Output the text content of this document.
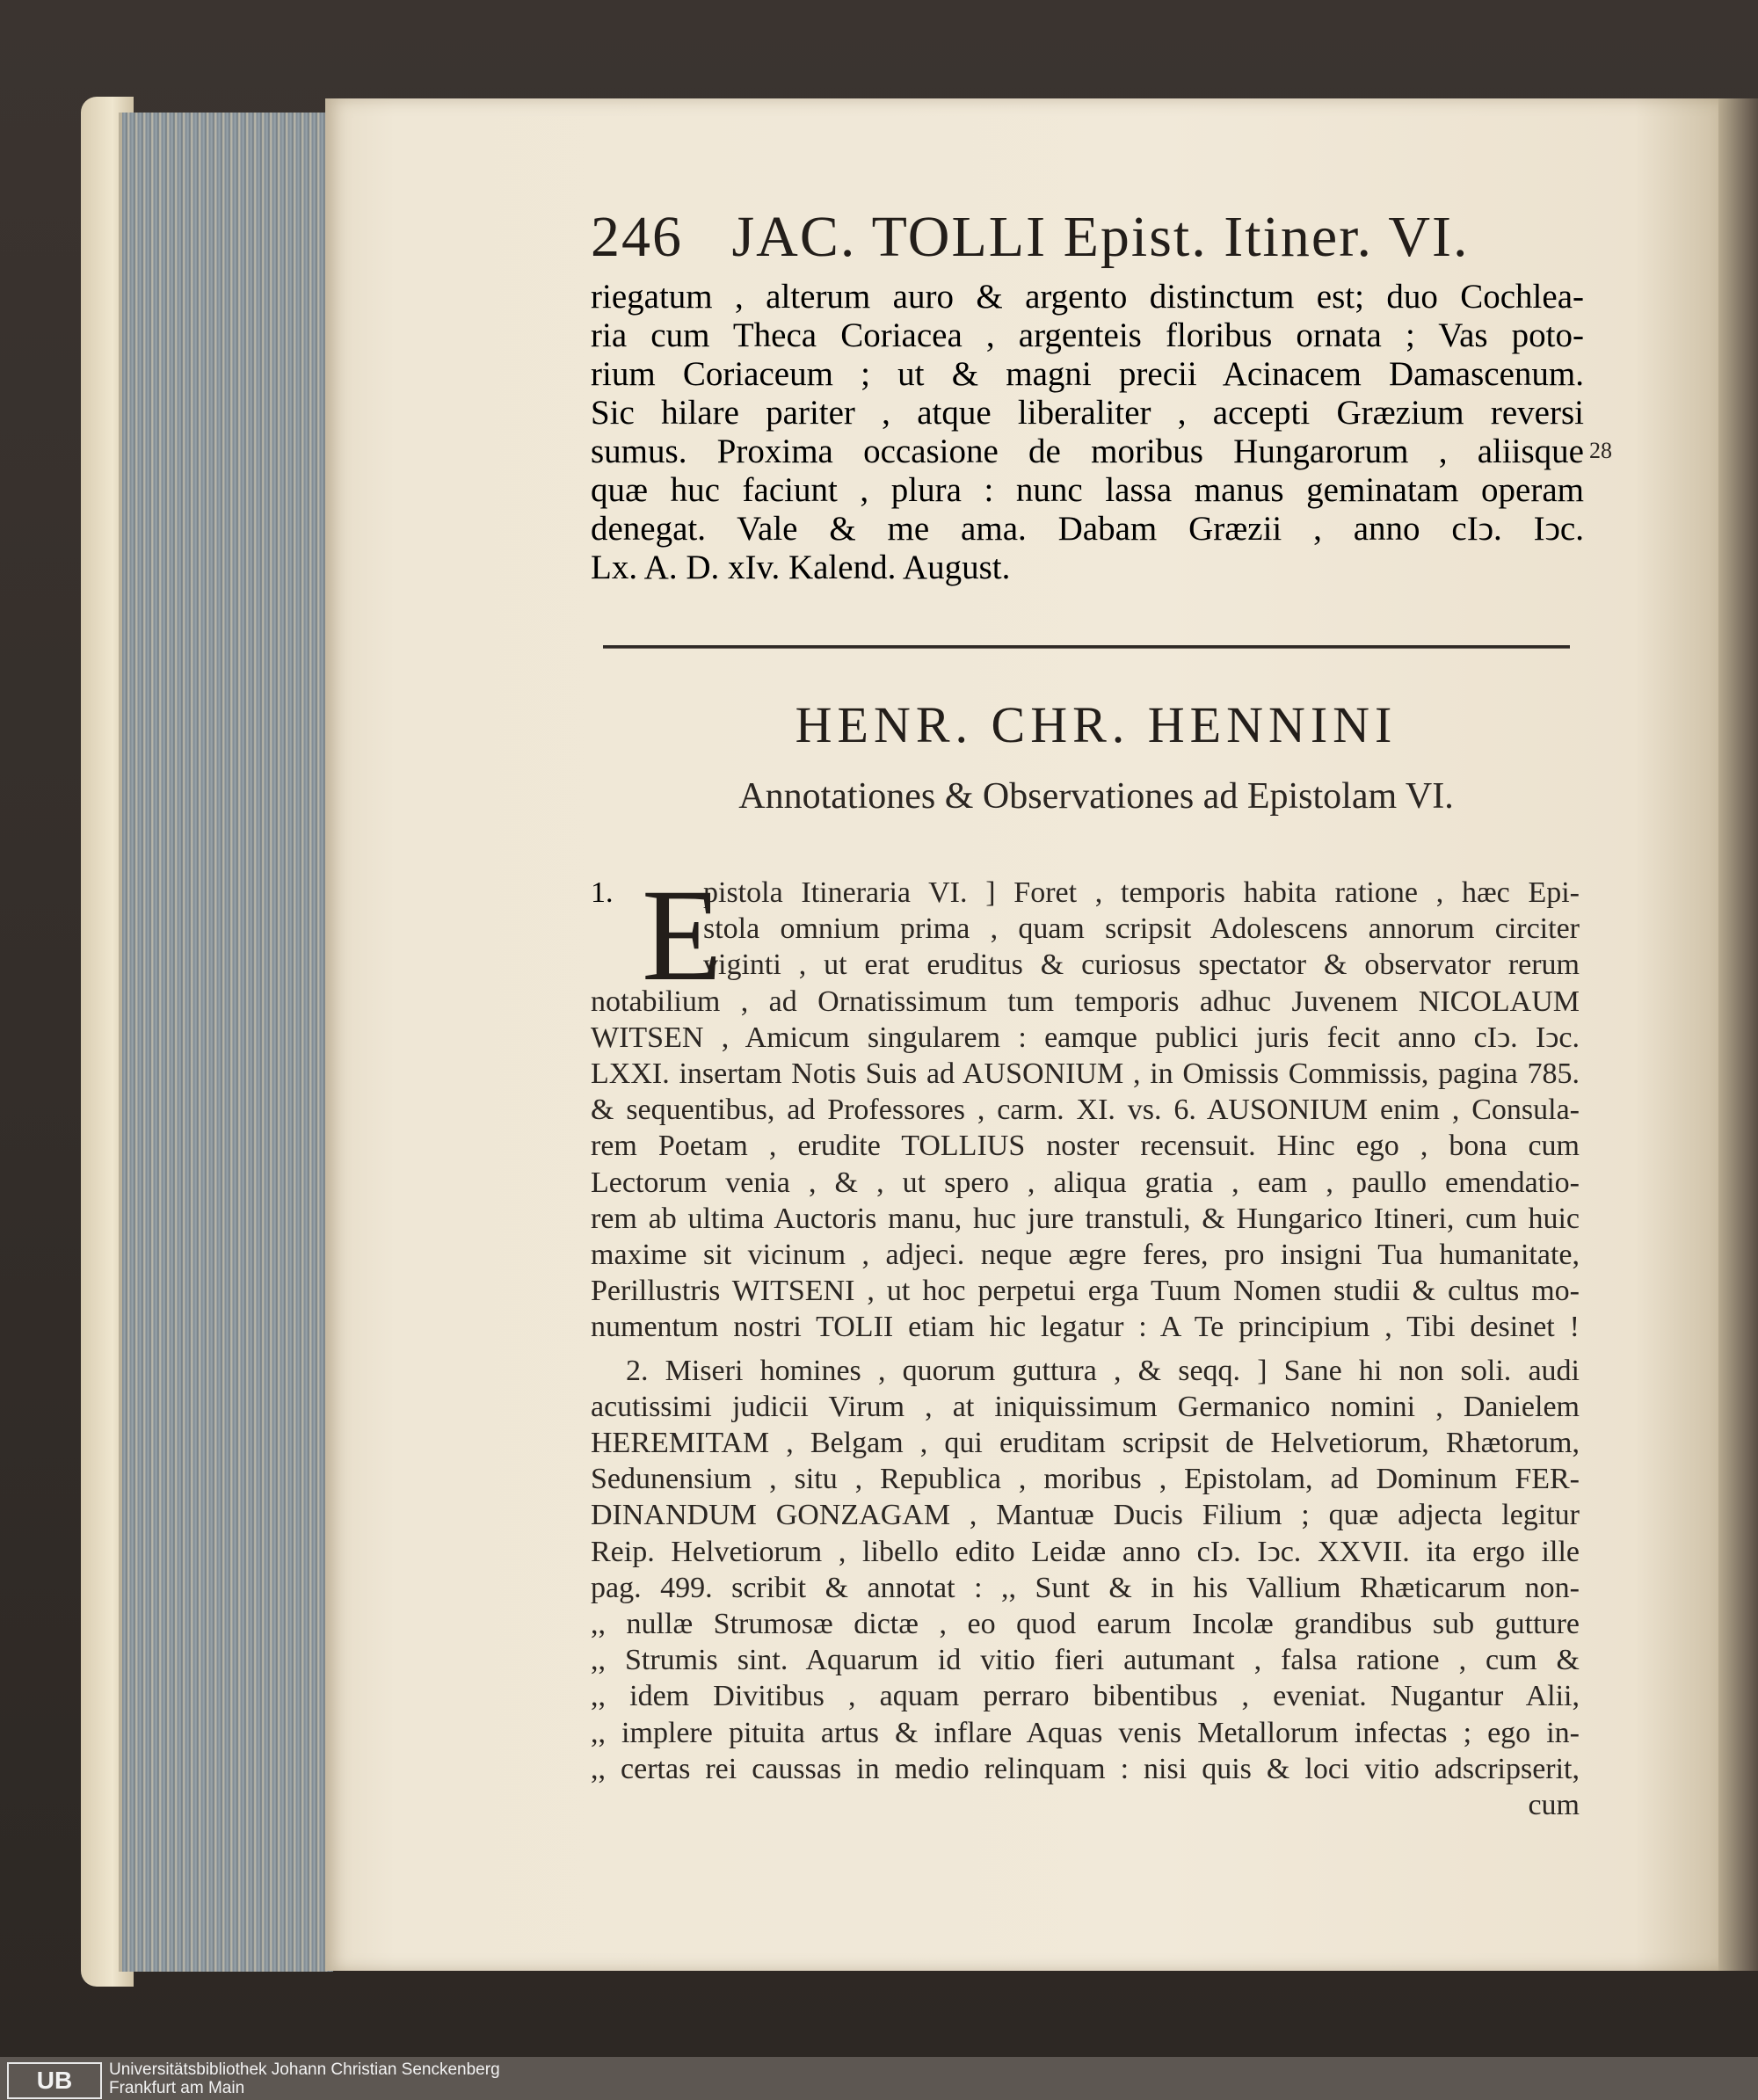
246 JAC. TOLLI Epist. Itiner. VI.
28
riegatum , alterum auro & argento distinctum est; duo Cochlea-
ria cum Theca Coriacea , argenteis floribus ornata ; Vas poto-
rium Coriaceum ; ut & magni precii Acinacem Damascenum.
Sic hilare pariter , atque liberaliter , accepti Græzium reversi
sumus. Proxima occasione de moribus Hungarorum , aliisque
quæ huc faciunt , plura : nunc lassa manus geminatam operam
denegat. Vale & me ama. Dabam Græzii , anno cIↄ. Iↄc.
Lx. A. D. xIv. Kalend. August.
HENR. CHR. HENNINI
Annotationes & Observationes ad Epistolam VI.
1. E
pistola Itineraria VI. ] Foret , temporis habita ratione , hæc Epi-
stola omnium prima , quam scripsit Adolescens annorum circiter
viginti , ut erat eruditus & curiosus spectator & observator rerum
notabilium , ad Ornatissimum tum temporis adhuc Juvenem NICOLAUM
WITSEN , Amicum singularem : eamque publici juris fecit anno cIↄ. Iↄc.
LXXI. insertam Notis Suis ad AUSONIUM , in Omissis Commissis, pagina 785.
& sequentibus, ad Professores , carm. XI. vs. 6. AUSONIUM enim , Consula-
rem Poetam , erudite TOLLIUS noster recensuit. Hinc ego , bona cum
Lectorum venia , & , ut spero , aliqua gratia , eam , paullo emendatio-
rem ab ultima Auctoris manu, huc jure transtuli, & Hungarico Itineri, cum huic
maxime sit vicinum , adjeci. neque ægre feres, pro insigni Tua humanitate,
Perillustris WITSENI , ut hoc perpetui erga Tuum Nomen studii & cultus mo-
numentum nostri TOLII etiam hic legatur : A Te principium , Tibi desinet !
2. Miseri homines , quorum guttura , & seqq. ] Sane hi non soli. audi
acutissimi judicii Virum , at iniquissimum Germanico nomini , Danielem
HEREMITAM , Belgam , qui eruditam scripsit de Helvetiorum, Rhætorum,
Sedunensium , situ , Republica , moribus , Epistolam, ad Dominum FER-
DINANDUM GONZAGAM , Mantuæ Ducis Filium ; quæ adjecta legitur
Reip. Helvetiorum , libello edito Leidæ anno cIↄ. Iↄc. XXVII. ita ergo ille
pag. 499. scribit & annotat : ,, Sunt & in his Vallium Rhæticarum non-
,, nullæ Strumosæ dictæ , eo quod earum Incolæ grandibus sub gutture
,, Strumis sint. Aquarum id vitio fieri autumant , falsa ratione , cum &
,, idem Divitibus , aquam perraro bibentibus , eveniat. Nugantur Alii,
,, implere pituita artus & inflare Aquas venis Metallorum infectas ; ego in-
,, certas rei caussas in medio relinquam : nisi quis & loci vitio adscripserit,
cum
UB	Universitätsbibliothek Johann Christian Senckenberg
Frankfurt am Main
